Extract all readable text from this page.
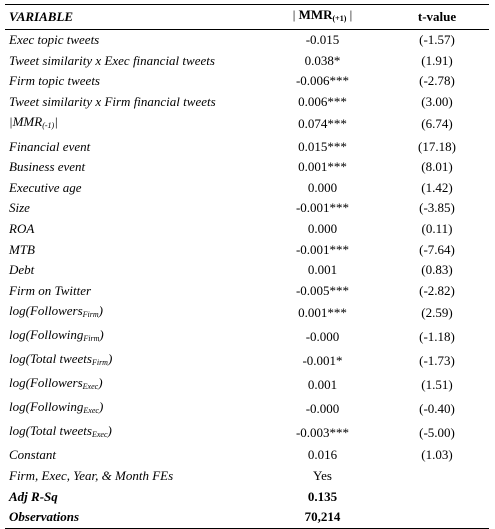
VARIABLE	| $MMR_{(+1)}$ |	t-value
Exec topic tweets	-0.015	(-1.57)
Tweet similarity x Exec financial tweets	0.038*	(1.91)
Firm topic tweets	-0.006***	(-2.78)
Tweet similarity x Firm financial tweets	0.006***	(3.00)
$|MMR_{(-1)}|$	0.074***	(6.74)
Financial event	0.015***	(17.18)
Business event	0.001***	(8.01)
Executive age	0.000	(1.42)
Size	-0.001***	(-3.85)
ROA	0.000	(0.11)
MTB	-0.001***	(-7.64)
Debt	0.001	(0.83)
Firm on Twitter	-0.005***	(-2.82)
log(Followers$_{Firm}$)	0.001***	(2.59)
log(Following$_{Firm}$)	-0.000	(-1.18)
log(Total tweets$_{Firm}$)	-0.001*	(-1.73)
log(Followers$_{Exec}$)	0.001	(1.51)
log(Following$_{Exec}$)	-0.000	(-0.40)
log(Total tweets$_{Exec}$)	-0.003***	(-5.00)
Constant	0.016	(1.03)
Firm, Exec, Year, & Month FEs	Yes	
Adj R-Sq	0.135	
Observations	70,214	
